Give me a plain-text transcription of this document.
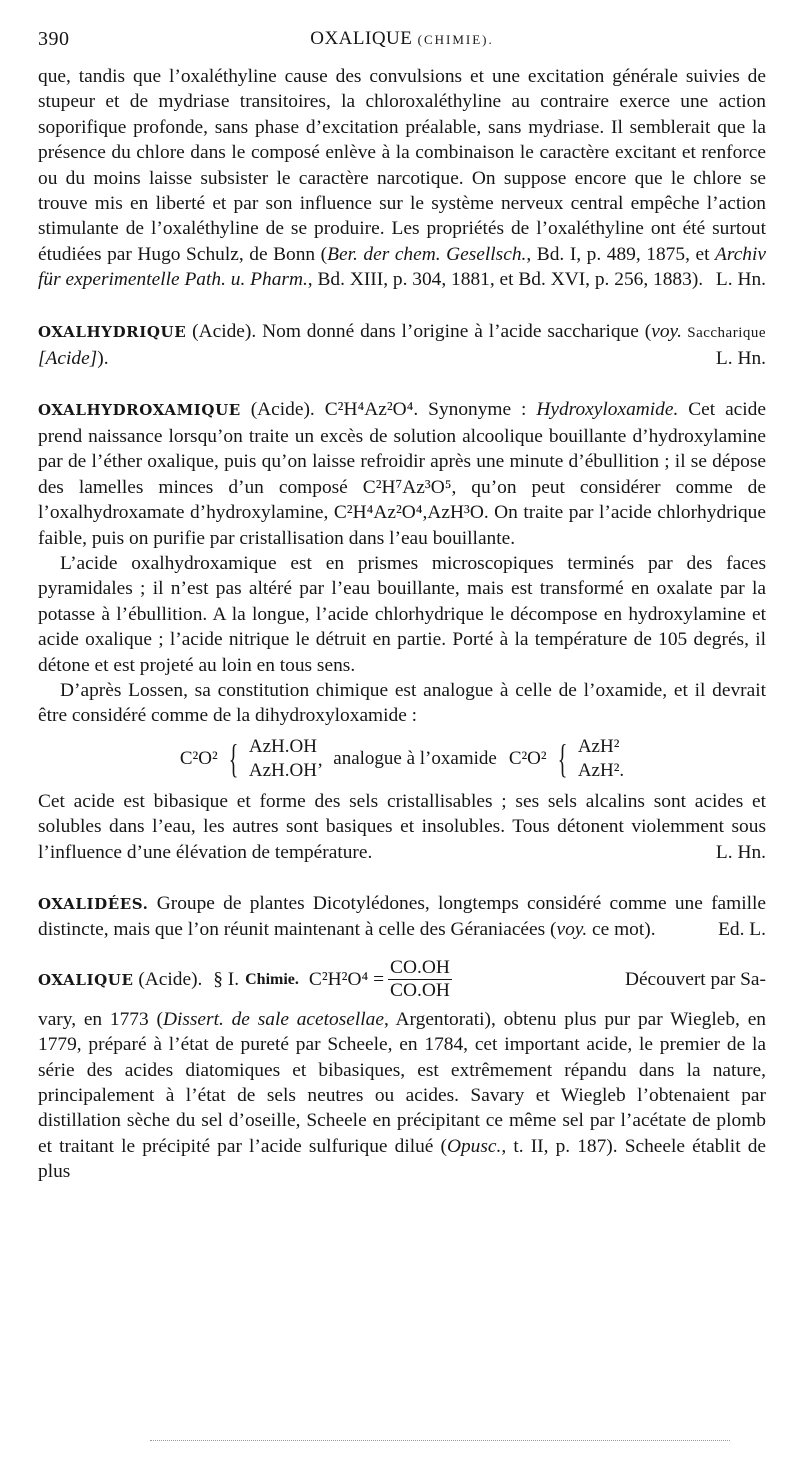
390	OXALIQUE (CHIMIE).

que, tandis que l’oxaléthyline cause des convulsions et une excitation générale suivies de stupeur et de mydriase transitoires, la chloroxaléthyline au contraire exerce une action soporifique profonde, sans phase d’excitation préalable, sans mydriase. Il semblerait que la présence du chlore dans le composé enlève à la combinaison le caractère excitant et renforce ou du moins laisse subsister le caractère narcotique. On suppose encore que le chlore se trouve mis en liberté et par son influence sur le système nerveux central empêche l’action stimulante de l’oxaléthyline de se produire. Les propriétés de l’oxaléthyline ont été surtout étudiées par Hugo Schulz, de Bonn (Ber. der chem. Gesellsch., Bd. I, p. 489, 1875, et Archiv für experimentelle Path. u. Pharm., Bd. XIII, p. 304, 1881, et Bd. XVI, p. 256, 1883). L. Hn.

OXALHYDRIQUE (Acide). Nom donné dans l’origine à l’acide saccharique (voy. Saccharique [Acide]).	L. Hn.

OXALHYDROXAMIQUE (Acide). C²H⁴Az²O⁴. Synonyme : Hydroxyloxamide. Cet acide prend naissance lorsqu’on traite un excès de solution alcoolique bouillante d’hydroxylamine par de l’éther oxalique, puis qu’on laisse refroidir après une minute d’ébullition ; il se dépose des lamelles minces d’un composé C²H⁷Az³O⁵, qu’on peut considérer comme de l’oxalhydroxamate d’hydroxylamine, C²H⁴Az²O⁴,AzH³O. On traite par l’acide chlorhydrique faible, puis on purifie par cristallisation dans l’eau bouillante.

L’acide oxalhydroxamique est en prismes microscopiques terminés par des faces pyramidales ; il n’est pas altéré par l’eau bouillante, mais est transformé en oxalate par la potasse à l’ébullition. A la longue, l’acide chlorhydrique le décompose en hydroxylamine et acide oxalique ; l’acide nitrique le détruit en partie. Porté à la température de 105 degrés, il détone et est projeté au loin en tous sens.

D’après Lossen, sa constitution chimique est analogue à celle de l’oxamide, et il devrait être considéré comme de la dihydroxyloxamide :

C²O² { AzH.OH
AzH.OH’
analogue à l’oxamide C²O² { AzH²
AzH².

Cet acide est bibasique et forme des sels cristallisables ; ses sels alcalins sont acides et solubles dans l’eau, les autres sont basiques et insolubles. Tous détonent violemment sous l’influence d’une élévation de température.	L. Hn.

OXALIDÉES. Groupe de plantes Dicotylédones, longtemps considéré comme une famille distincte, mais que l’on réunit maintenant à celle des Géraniacées (voy. ce mot).	Ed. L.

OXALIQUE (Acide). § I. Chimie. $C^2H^2O^4 = \frac{CO.OH}{CO.OH}$	Découvert par Sa-

vary, en 1773 (Dissert. de sale acetosellae, Argentorati), obtenu plus pur par Wiegleb, en 1779, préparé à l’état de pureté par Scheele, en 1784, cet important acide, le premier de la série des acides diatomiques et bibasiques, est extrêmement répandu dans la nature, principalement à l’état de sels neutres ou acides. Savary et Wiegleb l’obtenaient par distillation sèche du sel d’oseille, Scheele en précipitant ce même sel par l’acétate de plomb et traitant le précipité par l’acide sulfurique dilué (Opusc., t. II, p. 187). Scheele établit de plus
